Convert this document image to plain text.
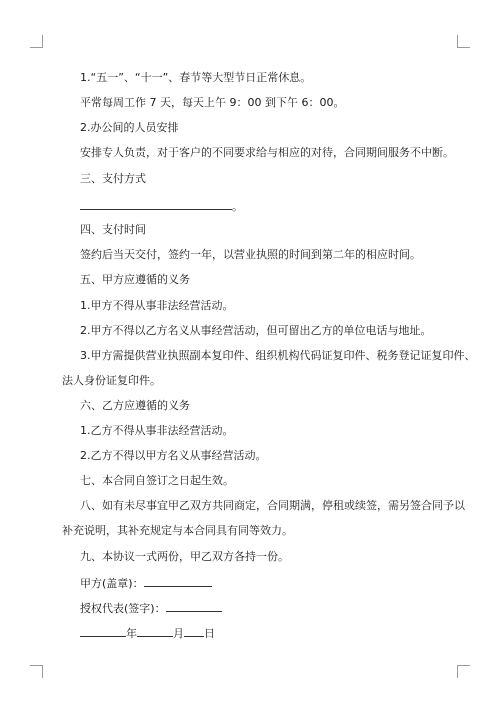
1.“五一”、“十一”、春节等大型节日正常休息。
平常每周工作 7 天，每天上午 9：00 到下午 6：00。
2.办公间的人员安排
安排专人负责，对于客户的不同要求给与相应的对待，合同期间服务不中断。
三、支付方式
。
四、支付时间
签约后当天交付，签约一年，以营业执照的时间到第二年的相应时间。
五、甲方应遵循的义务
1.甲方不得从事非法经营活动。
2.甲方不得以乙方名义从事经营活动，但可留出乙方的单位电话与地址。
3.甲方需提供营业执照副本复印件、组织机构代码证复印件、税务登记证复印件、
法人身份证复印件。
六、乙方应遵循的义务
1.乙方不得从事非法经营活动。
2.乙方不得以甲方名义从事经营活动。
七、本合同自签订之日起生效。
八、如有未尽事宜甲乙双方共同商定，合同期满，停租或续签，需另签合同予以
补充说明，其补充规定与本合同具有同等效力。
九、本协议一式两份，甲乙双方各持一份。
甲方(盖章)：
授权代表(签字)：
年	月 日
